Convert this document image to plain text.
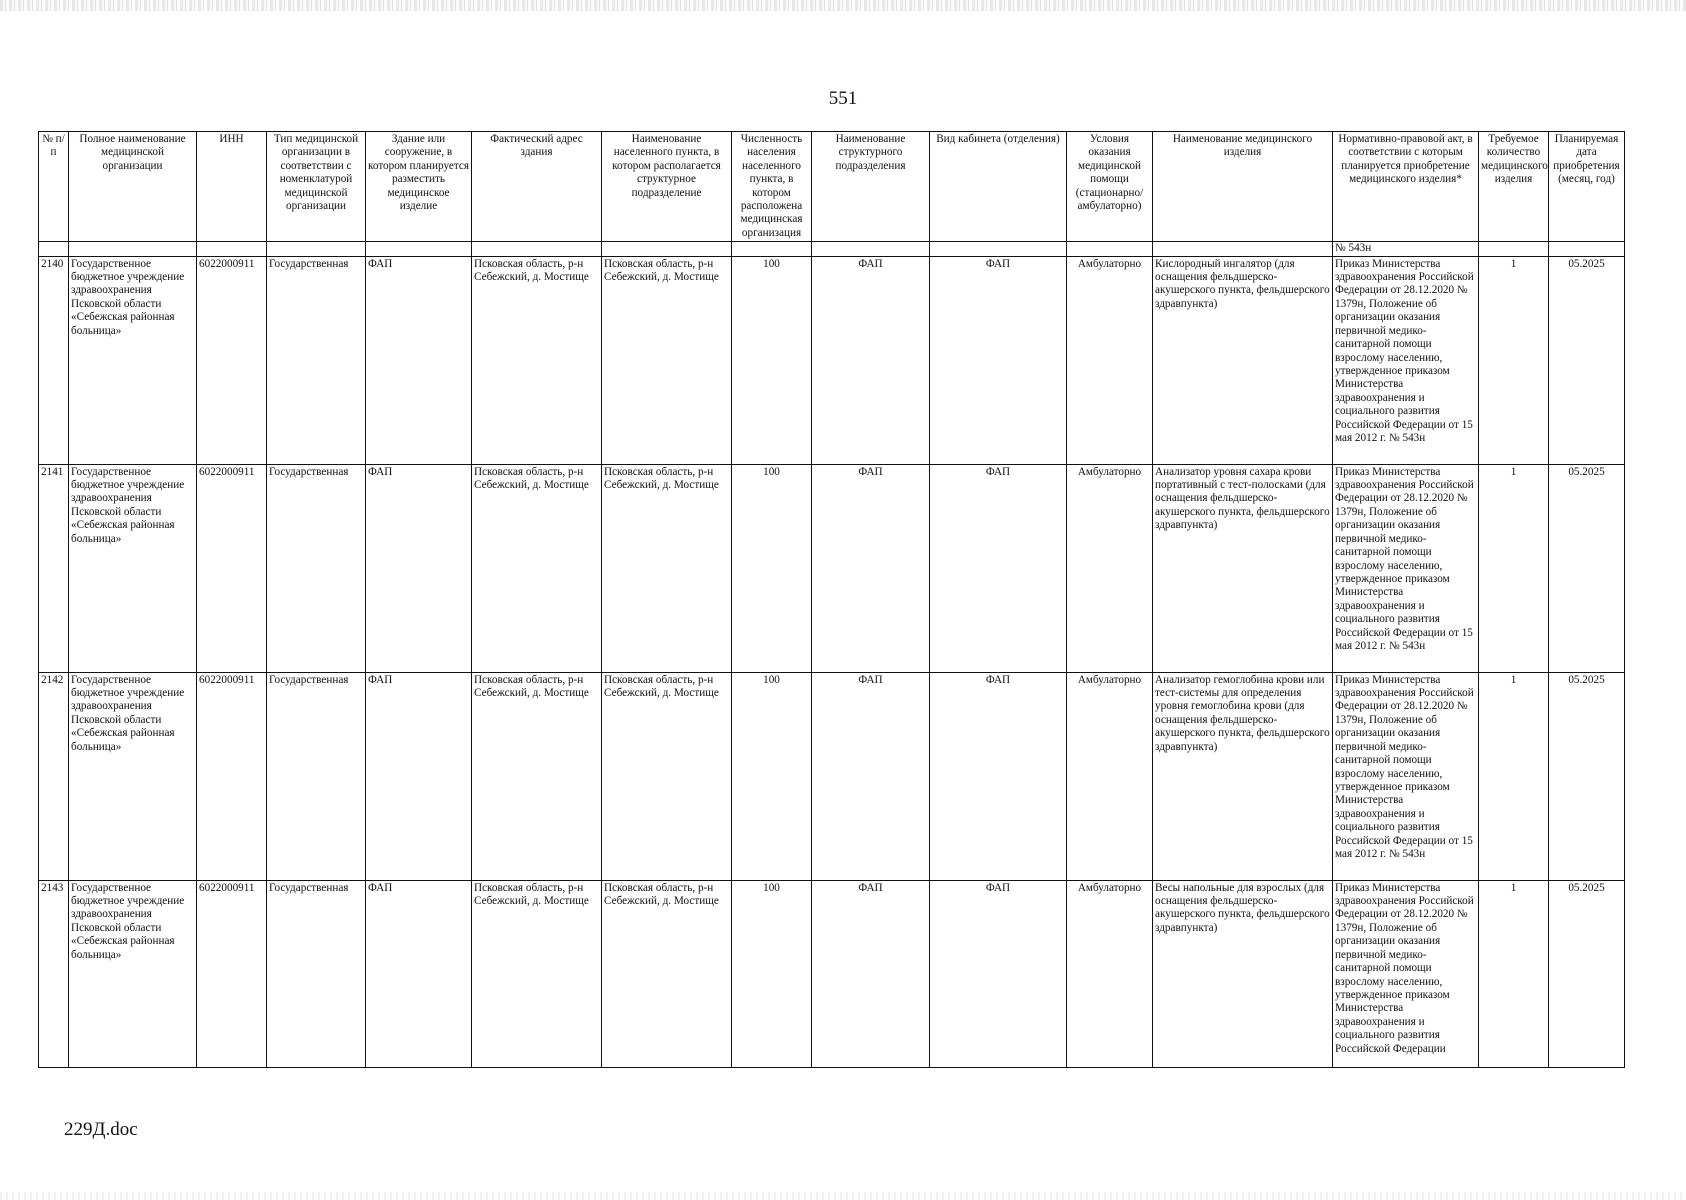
551
№ п/п	Полное наименование медицинской организации	ИНН	Тип медицинской организации в соответствии с номенклатурой медицинской организации	Здание или сооружение, в котором планируется разместить медицинское изделие	Фактический адрес здания	Наименование населенного пункта, в котором располагается структурное подразделение	Численность населения населенного пункта, в котором расположена медицинская организация	Наименование структурного подразделения	Вид кабинета (отделения)	Условия оказания медицинской помощи (стационарно/ амбулаторно)	Наименование медицинского изделия	Нормативно-правовой акт, в соответствии с которым планируется приобретение медицинского изделия*	Требуемое количество медицинского изделия	Планируемая дата приобретения (месяц, год)
												№ 543н		
2140	Государственное бюджетное учреждение здравоохранения Псковской области «Себежская районная больница»	6022000911	Государственная	ФАП	Псковская область, р-н Себежский, д. Мостище	Псковская область, р-н Себежский, д. Мостище	100	ФАП	ФАП	Амбулаторно	Кислородный ингалятор (для оснащения фельдшерско-акушерского пункта, фельдшерского здравпункта)	Приказ Министерства здравоохранения Российской Федерации от 28.12.2020 № 1379н, Положение об организации оказания первичной медико-санитарной помощи взрослому населению, утвержденное приказом Министерства здравоохранения и социального развития Российской Федерации от 15 мая 2012 г. № 543н	1	05.2025
2141	Государственное бюджетное учреждение здравоохранения Псковской области «Себежская районная больница»	6022000911	Государственная	ФАП	Псковская область, р-н Себежский, д. Мостище	Псковская область, р-н Себежский, д. Мостище	100	ФАП	ФАП	Амбулаторно	Анализатор уровня сахара крови портативный с тест-полосками (для оснащения фельдшерско-акушерского пункта, фельдшерского здравпункта)	Приказ Министерства здравоохранения Российской Федерации от 28.12.2020 № 1379н, Положение об организации оказания первичной медико-санитарной помощи взрослому населению, утвержденное приказом Министерства здравоохранения и социального развития Российской Федерации от 15 мая 2012 г. № 543н	1	05.2025
2142	Государственное бюджетное учреждение здравоохранения Псковской области «Себежская районная больница»	6022000911	Государственная	ФАП	Псковская область, р-н Себежский, д. Мостище	Псковская область, р-н Себежский, д. Мостище	100	ФАП	ФАП	Амбулаторно	Анализатор гемоглобина крови или тест-системы для определения уровня гемоглобина крови (для оснащения фельдшерско-акушерского пункта, фельдшерского здравпункта)	Приказ Министерства здравоохранения Российской Федерации от 28.12.2020 № 1379н, Положение об организации оказания первичной медико-санитарной помощи взрослому населению, утвержденное приказом Министерства здравоохранения и социального развития Российской Федерации от 15 мая 2012 г. № 543н	1	05.2025
2143	Государственное бюджетное учреждение здравоохранения Псковской области «Себежская районная больница»	6022000911	Государственная	ФАП	Псковская область, р-н Себежский, д. Мостище	Псковская область, р-н Себежский, д. Мостище	100	ФАП	ФАП	Амбулаторно	Весы напольные для взрослых (для оснащения фельдшерско-акушерского пункта, фельдшерского здравпункта)	Приказ Министерства здравоохранения Российской Федерации от 28.12.2020 № 1379н, Положение об организации оказания первичной медико-санитарной помощи взрослому населению, утвержденное приказом Министерства здравоохранения и социального развития Российской Федерации	1	05.2025
229Д.doc
